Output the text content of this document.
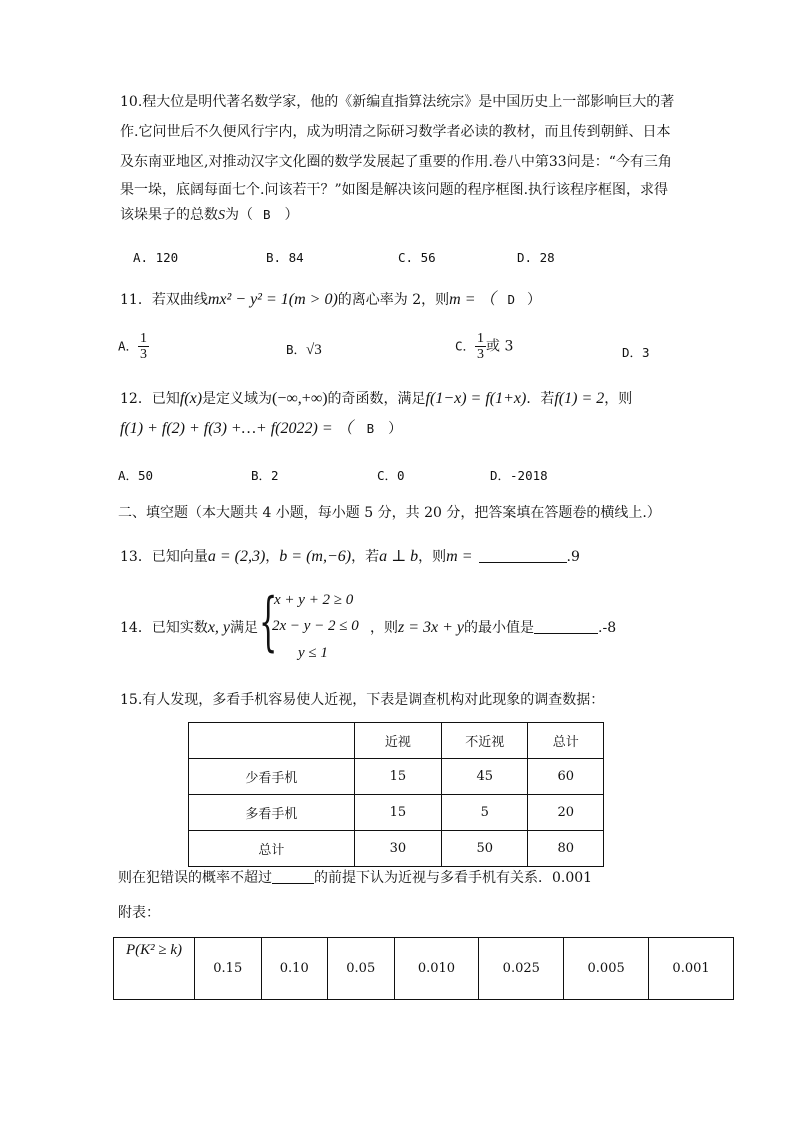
10.程大位是明代著名数学家，他的《新编直指算法统宗》是中国历史上一部影响巨大的著
作.它问世后不久便风行宇内，成为明清之际研习数学者必读的教材，而且传到朝鲜、日本
及东南亚地区,对推动汉字文化圈的数学发展起了重要的作用.卷八中第33问是：“今有三角
果一垛，底阔每面七个.问该若干？”如图是解决该问题的程序框图.执行该程序框图，求得
该垛果子的总数S为（ B ）
A. 120	B. 84	C. 56	D. 28
11．若双曲线mx² − y² = 1(m > 0)的离心率为 2，则m = （ D ）
A． $\frac{1}{3}$	B．√3	C． $\frac{1}{3}$ 或 3	D．3
12．已知f(x)是定义域为(−∞,+∞)的奇函数，满足f(1−x) = f(1+x)．若f(1) = 2，则
f(1) + f(2) + f(3) +…+ f(2022) = （ B ）
A．50	B．2	C．0	D．-2018
二、填空题（本大题共 4 小题，每小题 5 分，共 20 分，把答案填在答题卷的横线上.）
13．已知向量a = (2,3)，b = (m,−6)，若a ⊥ b，则m =	.9
14．已知实数x, y满足 {
x + y + 2 ≥ 0
2x − y − 2 ≤ 0
y ≤ 1
，则z = 3x + y的最小值是	.-8
15.有人发现，多看手机容易使人近视，下表是调查机构对此现象的调查数据：
	近视	不近视	总计
少看手机	15	45	60
多看手机	15	5	20
总计	30	50	80
则在犯错误的概率不超过	的前提下认为近视与多看手机有关系．0.001
附表：
P(K² ≥ k)	0.15	0.10	0.05	0.010	0.025	0.005	0.001
